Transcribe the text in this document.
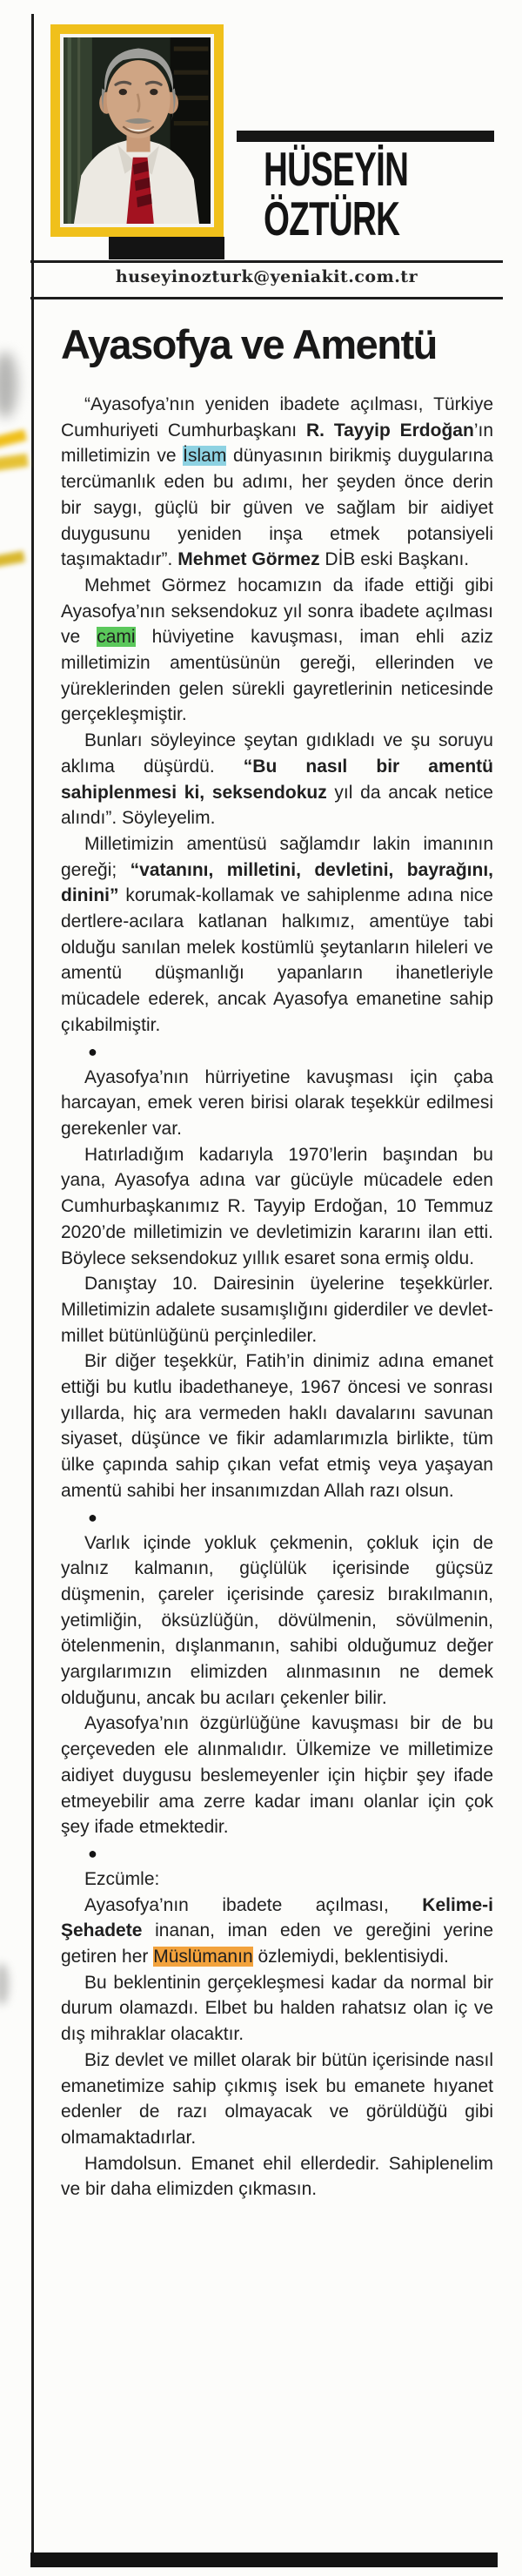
HÜSEYİN
ÖZTÜRK
huseyinozturk@yeniakit.com.tr
Ayasofya ve Amentü

“Ayasofya’nın yeniden ibadete açılması, Türkiye Cumhuriyeti Cumhurbaşkanı R. Tayyip Erdoğan’ın milletimizin ve İslam dünyasının birikmiş duygularına tercümanlık eden bu adımı, her şeyden önce derin bir saygı, güçlü bir güven ve sağlam bir aidiyet duygusunu yeniden inşa etmek potansiyeli taşımaktadır”. Mehmet Görmez DİB eski Başkanı.

Mehmet Görmez hocamızın da ifade ettiği gibi Ayasofya’nın seksendokuz yıl sonra ibadete açılması ve cami hüviyetine kavuşması, iman ehli aziz milletimizin amentüsünün gereği, ellerinden ve yüreklerinden gelen sürekli gayretlerinin neticesinde gerçekleşmiştir.

Bunları söyleyince şeytan gıdıkladı ve şu soruyu aklıma düşürdü. “Bu nasıl bir amentü sahiplenmesi ki, seksendokuz yıl da ancak netice alındı”. Söyleyelim.

Milletimizin amentüsü sağlamdır lakin imanının gereği; “vatanını, milletini, devletini, bayrağını, dinini” korumak-kollamak ve sahiplenme adına nice dertlere-acılara katlanan halkımız, amentüye tabi olduğu sanılan melek kostümlü şeytanların hileleri ve amentü düşmanlığı yapanların ihanetleriyle mücadele ederek, ancak Ayasofya emanetine sahip çıkabilmiştir.

●

Ayasofya’nın hürriyetine kavuşması için çaba harcayan, emek veren birisi olarak teşekkür edilmesi gerekenler var.

Hatırladığım kadarıyla 1970’lerin başından bu yana, Ayasofya adına var gücüyle mücadele eden Cumhurbaşkanımız R. Tayyip Erdoğan, 10 Temmuz 2020’de milletimizin ve devletimizin kararını ilan etti. Böylece seksendokuz yıllık esaret sona ermiş oldu.

Danıştay 10. Dairesinin üyelerine teşekkürler. Milletimizin adalete susamışlığını giderdiler ve devlet-millet bütünlüğünü perçinlediler.

Bir diğer teşekkür, Fatih’in dinimiz adına emanet ettiği bu kutlu ibadethaneye, 1967 öncesi ve sonrası yıllarda, hiç ara vermeden haklı davalarını savunan siyaset, düşünce ve fikir adamlarımızla birlikte, tüm ülke çapında sahip çıkan vefat etmiş veya yaşayan amentü sahibi her insanımızdan Allah razı olsun.

●

Varlık içinde yokluk çekmenin, çokluk için de yalnız kalmanın, güçlülük içerisinde güçsüz düşmenin, çareler içerisinde çaresiz bırakılmanın, yetimliğin, öksüzlüğün, dövülmenin, sövülmenin, ötelenmenin, dışlanmanın, sahibi olduğumuz değer yargılarımızın elimizden alınmasının ne demek olduğunu, ancak bu acıları çekenler bilir.

Ayasofya’nın özgürlüğüne kavuşması bir de bu çerçeveden ele alınmalıdır. Ülkemize ve milletimize aidiyet duygusu beslemeyenler için hiçbir şey ifade etmeyebilir ama zerre kadar imanı olanlar için çok şey ifade etmektedir.

●

Ezcümle:

Ayasofya’nın ibadete açılması, Kelime-i Şehadete inanan, iman eden ve gereğini yerine getiren her Müslümanın özlemiydi, beklentisiydi.

Bu beklentinin gerçekleşmesi kadar da normal bir durum olamazdı. Elbet bu halden rahatsız olan iç ve dış mihraklar olacaktır.

Biz devlet ve millet olarak bir bütün içerisinde nasıl emanetimize sahip çıkmış isek bu emanete hıyanet edenler de razı olmayacak ve görüldüğü gibi olmamaktadırlar.

Hamdolsun. Emanet ehil ellerdedir. Sahiplenelim ve bir daha elimizden çıkmasın.
